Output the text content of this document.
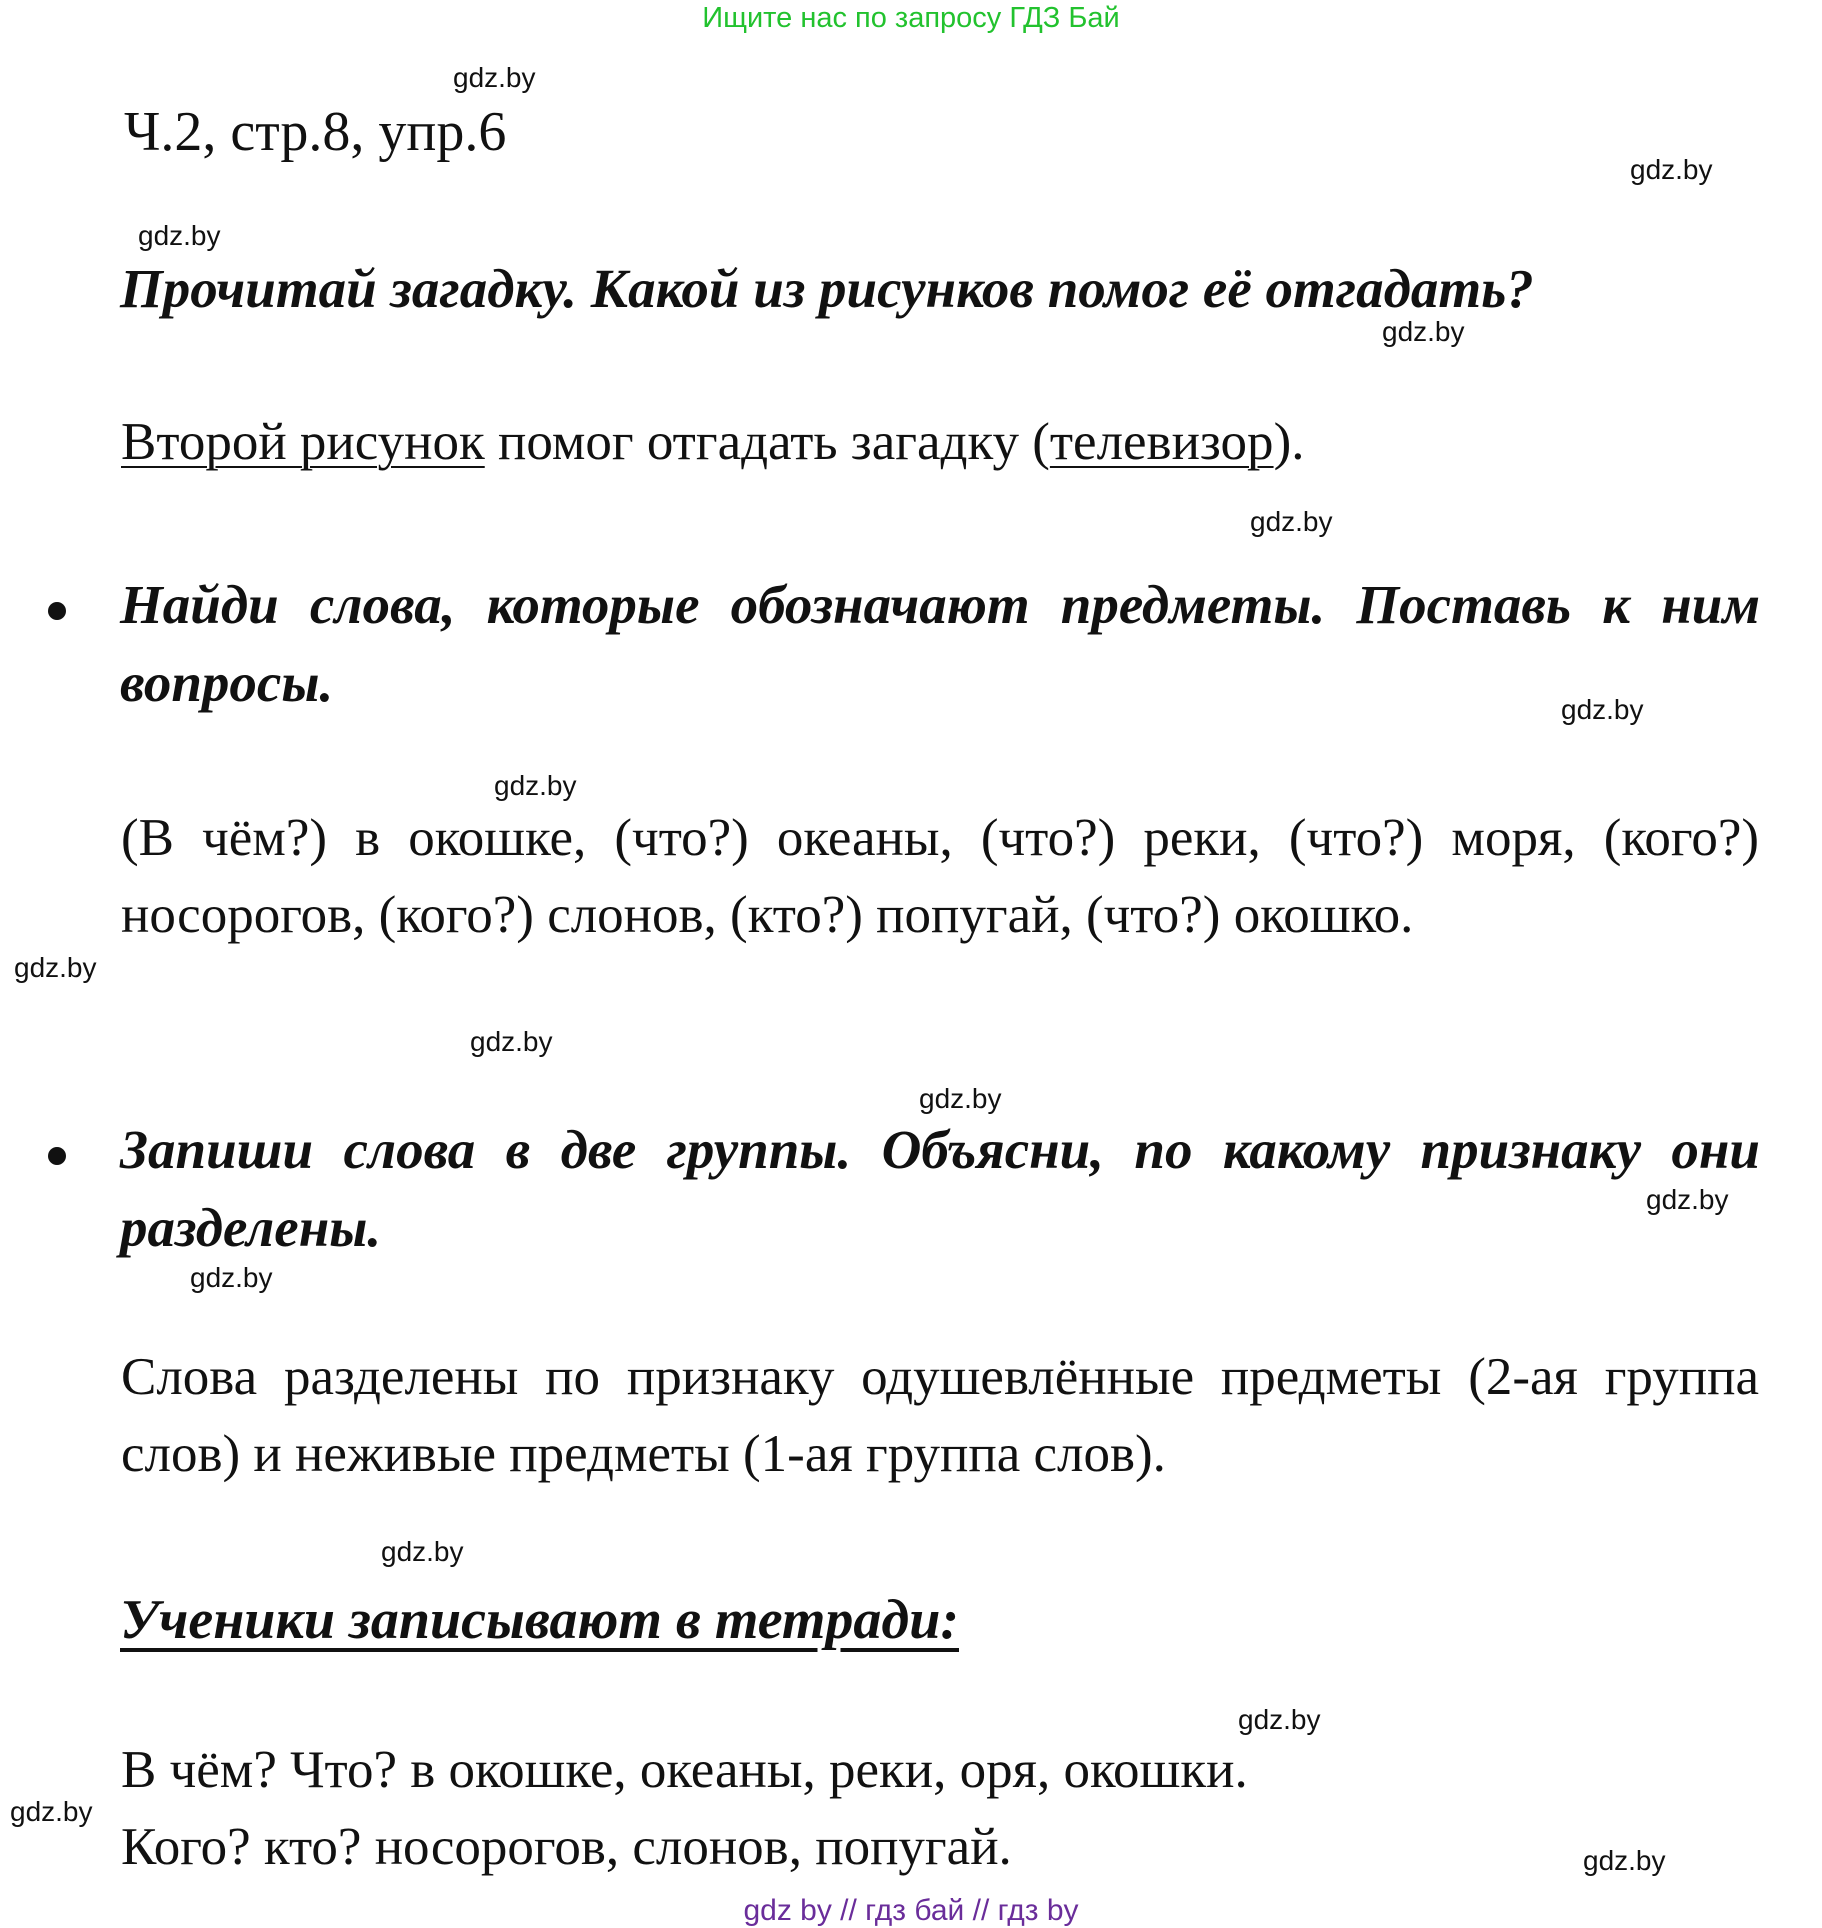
Ищите нас по запросу ГДЗ Бай
Ч.2, стр.8, упр.6
Прочитай загадку. Какой из рисунков помог её отгадать?
Второй рисунок помог отгадать загадку (телевизор).
Найди слова, которые обозначают предметы. Поставь к ним вопросы.
(В чём?) в окошке, (что?) океаны, (что?) реки, (что?) моря, (кого?) носорогов, (кого?) слонов, (кто?) попугай, (что?) окошко.
Запиши слова в две группы. Объясни, по какому признаку они разделены.
Слова разделены по признаку одушевлённые предметы (2-ая группа слов) и неживые предметы (1-ая группа слов).
Ученики записывают в тетради:
В чём? Что? в окошке, океаны, реки, оря, окошки.
Кого? кто? носорогов, слонов, попугай.
gdz.by
gdz.by
gdz.by
gdz.by
gdz.by
gdz.by
gdz.by
gdz.by
gdz.by
gdz.by
gdz.by
gdz.by
gdz.by
gdz.by
gdz.by
gdz.by
gdz by // гдз бай // гдз by
